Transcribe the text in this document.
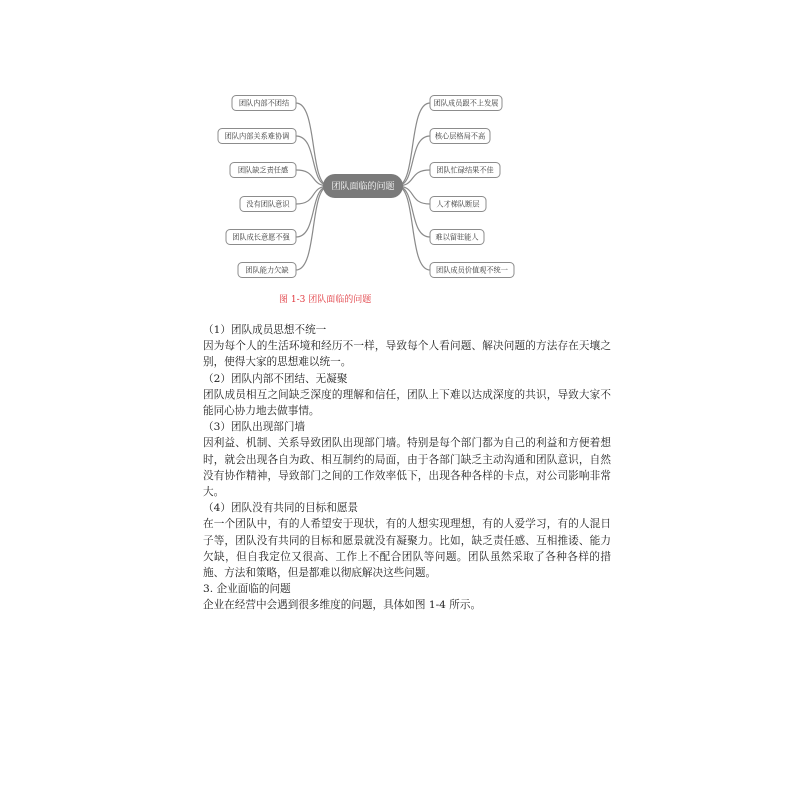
团队内部不团结
团队内部关系难协调
团队缺乏责任感
没有团队意识
团队成长意愿不强
团队能力欠缺
团队成员跟不上发展
核心层格局不高
团队忙碌结果不佳
人才梯队断层
难以留驻能人
团队成员价值观不统一
团队面临的问题
图 1-3 团队面临的问题

（1）团队成员思想不统一

因为每个人的生活环境和经历不一样，导致每个人看问题、解决问题的方法存在天壤之别，使得大家的思想难以统一。

（2）团队内部不团结、无凝聚

团队成员相互之间缺乏深度的理解和信任，团队上下难以达成深度的共识，导致大家不能同心协力地去做事情。

（3）团队出现部门墙

因利益、机制、关系导致团队出现部门墙。特别是每个部门都为自己的利益和方便着想时，就会出现各自为政、相互制约的局面，由于各部门缺乏主动沟通和团队意识，自然没有协作精神，导致部门之间的工作效率低下，出现各种各样的卡点，对公司影响非常大。

（4）团队没有共同的目标和愿景

在一个团队中，有的人希望安于现状，有的人想实现理想，有的人爱学习，有的人混日子等，团队没有共同的目标和愿景就没有凝聚力。比如，缺乏责任感、互相推诿、能力欠缺，但自我定位又很高、工作上不配合团队等问题。团队虽然采取了各种各样的措施、方法和策略，但是都难以彻底解决这些问题。

3. 企业面临的问题

企业在经营中会遇到很多维度的问题，具体如图 1-4 所示。
